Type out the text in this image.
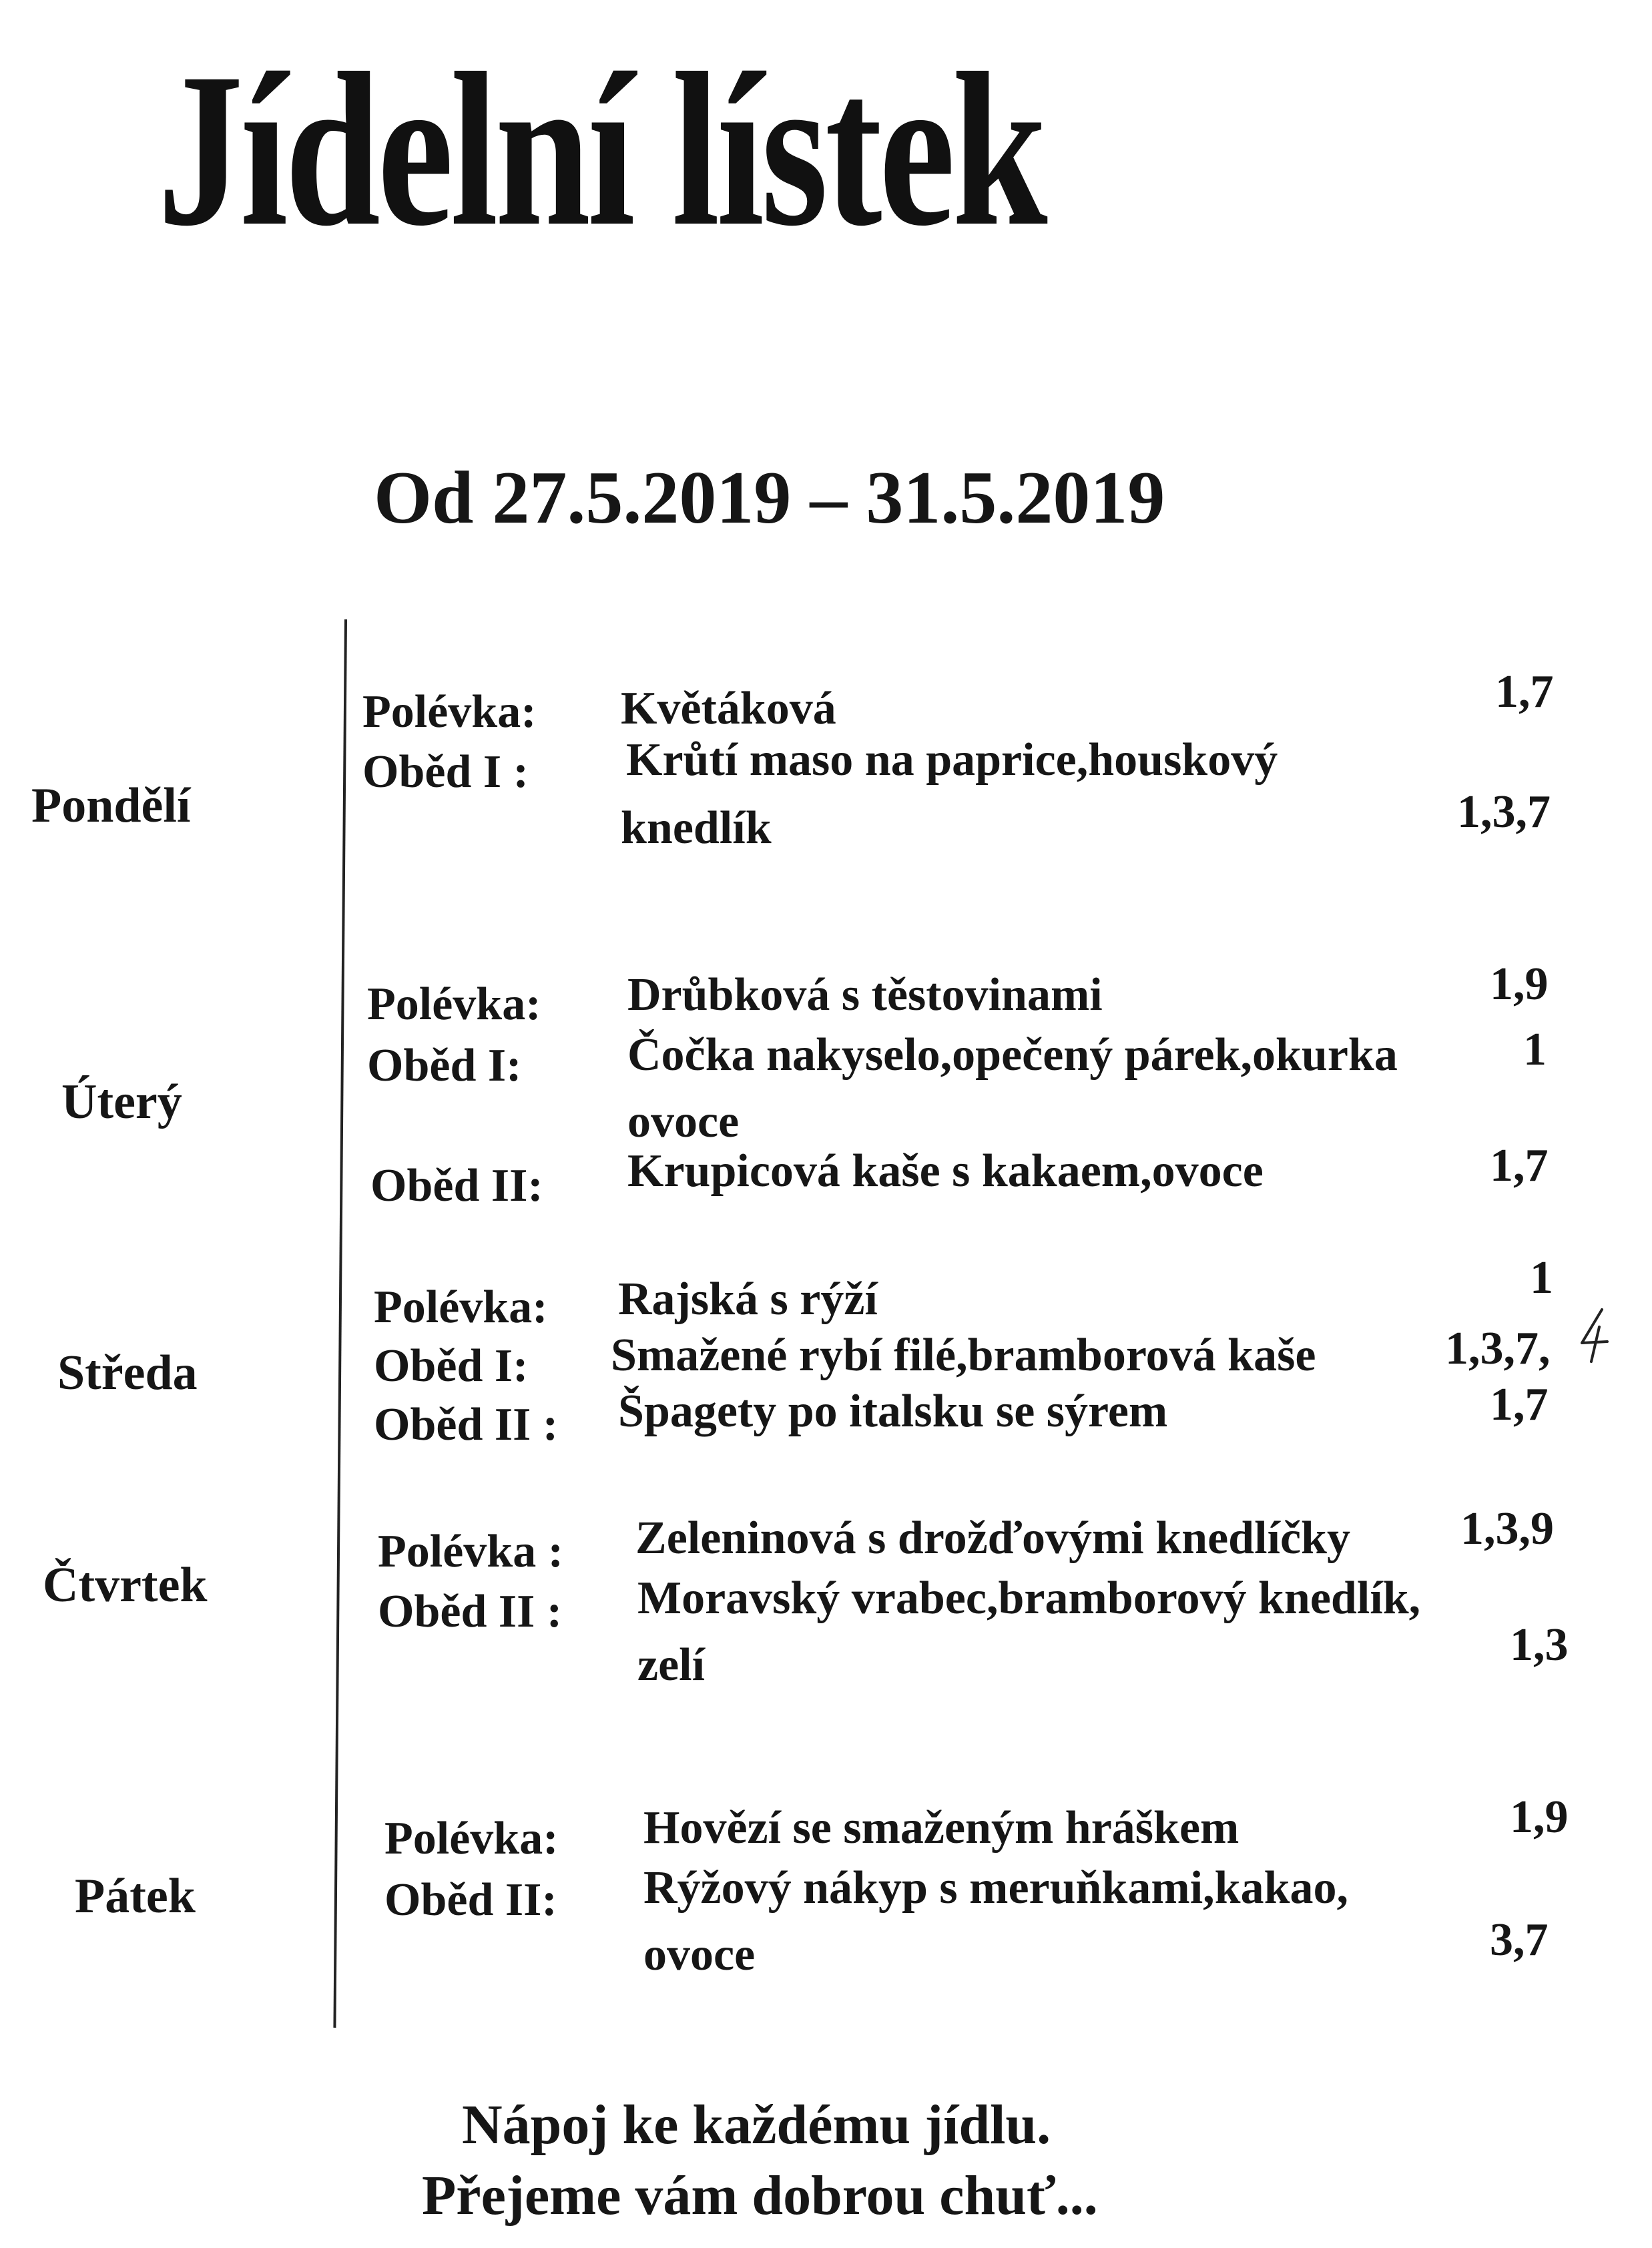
Jídelní lístek
Od 27.5.2019 – 31.5.2019
Pondělí
Polévka: Květáková	1,7
Oběd I : Krůtí maso na paprice,houskový
knedlík	1,3,7
Úterý
Polévka: Drůbková s těstovinami	1,9
Oběd I: Čočka nakyselo,opečený párek,okurka	1
ovoce
Oběd II: Krupicová kaše s kakaem,ovoce	1,7
Středa
Polévka: Rajská s rýží	1
Oběd I: Smažené rybí filé,bramborová kaše	1,3,7,
Oběd II : Špagety po italsku se sýrem	1,7
Čtvrtek
Polévka : Zeleninová s drožďovými knedlíčky 1,3,9
Oběd II : Moravský vrabec,bramborový knedlík,
zelí	1,3
Pátek
Polévka: Hovězí se smaženým hráškem	1,9
Oběd II: Rýžový nákyp s meruňkami,kakao,
ovoce	3,7
Nápoj ke každému jídlu.
Přejeme vám dobrou chuť...
